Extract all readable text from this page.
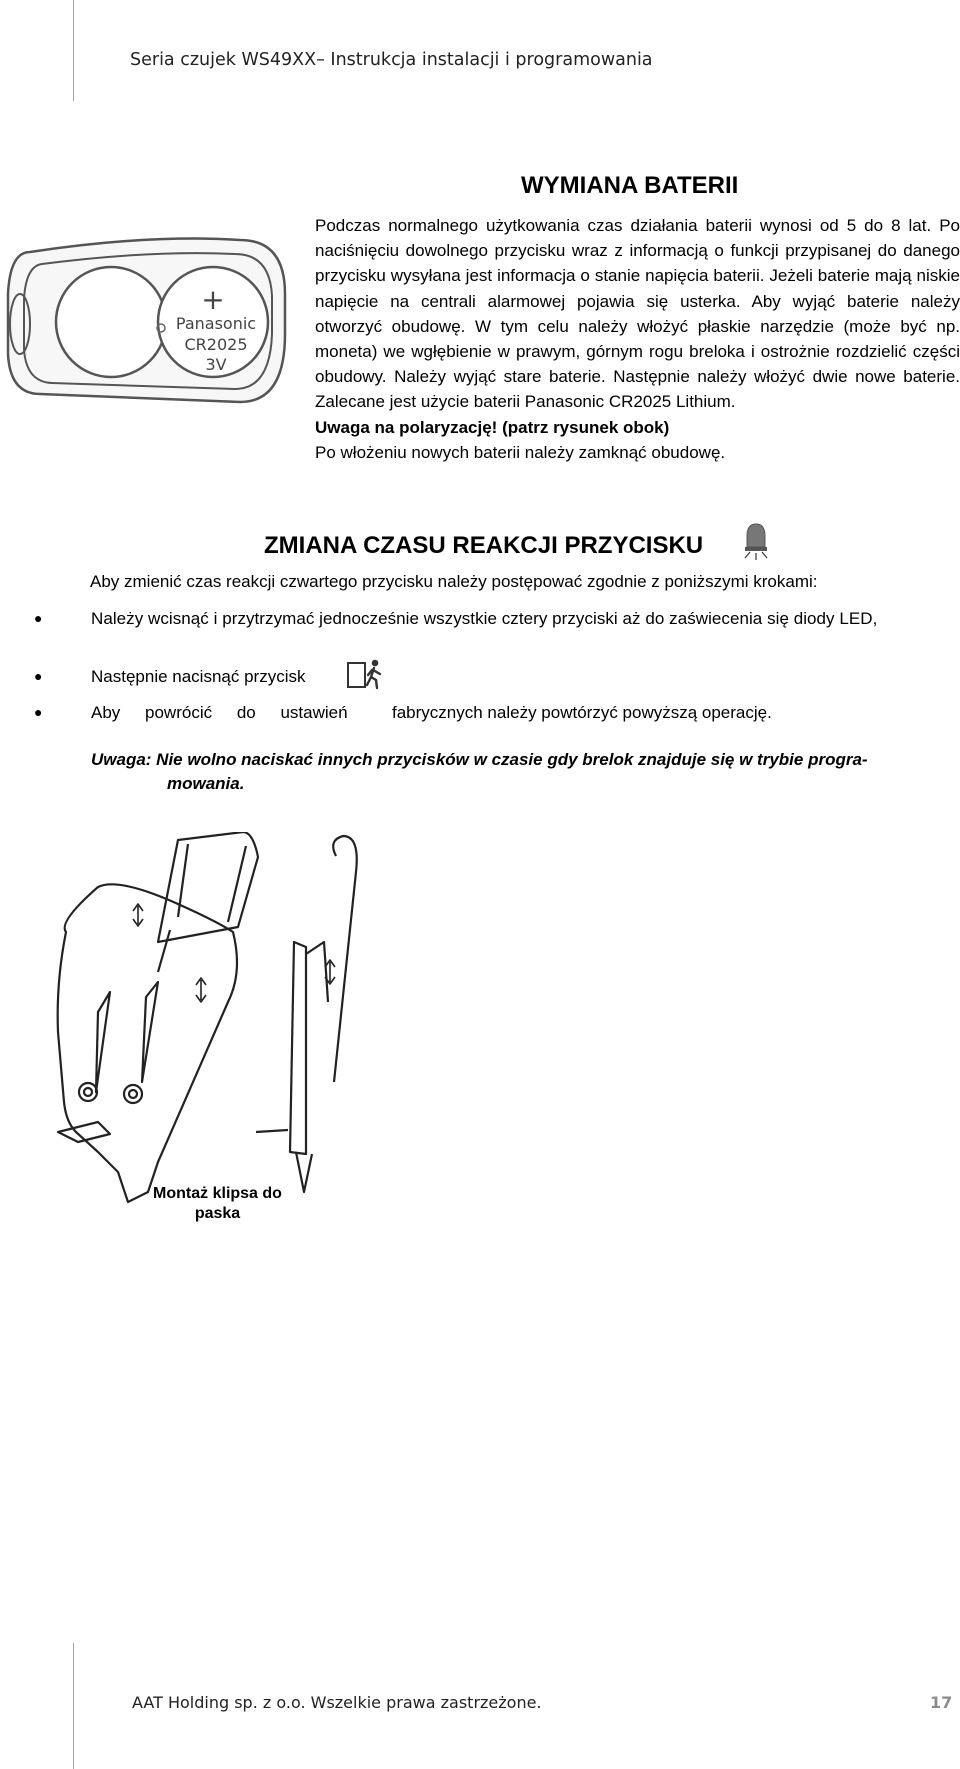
Seria czujek WS49XX– Instrukcja instalacji i programowania
WYMIANA BATERII
+
Panasonic
CR2025
3V

Podczas normalnego użytkowania czas działania baterii wynosi od 5 do 8 lat. Po naciśnięciu dowolnego przycisku wraz z informacją o funkcji przypisanej do danego przycisku wysyłana jest informacja o stanie napięcia baterii. Jeżeli baterie mają niskie napięcie na centrali alarmowej pojawia się usterka. Aby wyjąć baterie należy otworzyć obudowę. W tym celu należy włożyć płaskie narzędzie (może być np. moneta) we wgłębienie w prawym, górnym rogu breloka i ostrożnie rozdzielić części obudowy. Należy wyjąć stare baterie. Następnie należy włożyć dwie nowe baterie. Zalecane jest użycie baterii Panasonic CR2025 Lithium.

Uwaga na polaryzację! (patrz rysunek obok)

Po włożeniu nowych baterii należy zamknąć obudowę.

ZMIANA CZASU REAKCJI PRZYCISKU
Aby zmienić czas reakcji czwartego przycisku należy postępować zgodnie z poniższymi krokami:
●	Należy wcisnąć i przytrzymać jednocześnie wszystkie cztery przyciski aż do zaświecenia się diody LED,
●	Następnie nacisnąć przycisk
●	Aby powrócić do ustawień	fabrycznych należy powtórzyć powyższą operację.
Uwaga: Nie wolno naciskać innych przycisków w czasie gdy brelok znajduje się w trybie progra-
mowania.
Montaż klipsa do
paska
AAT Holding sp. z o.o. Wszelkie prawa zastrzeżone.	17
